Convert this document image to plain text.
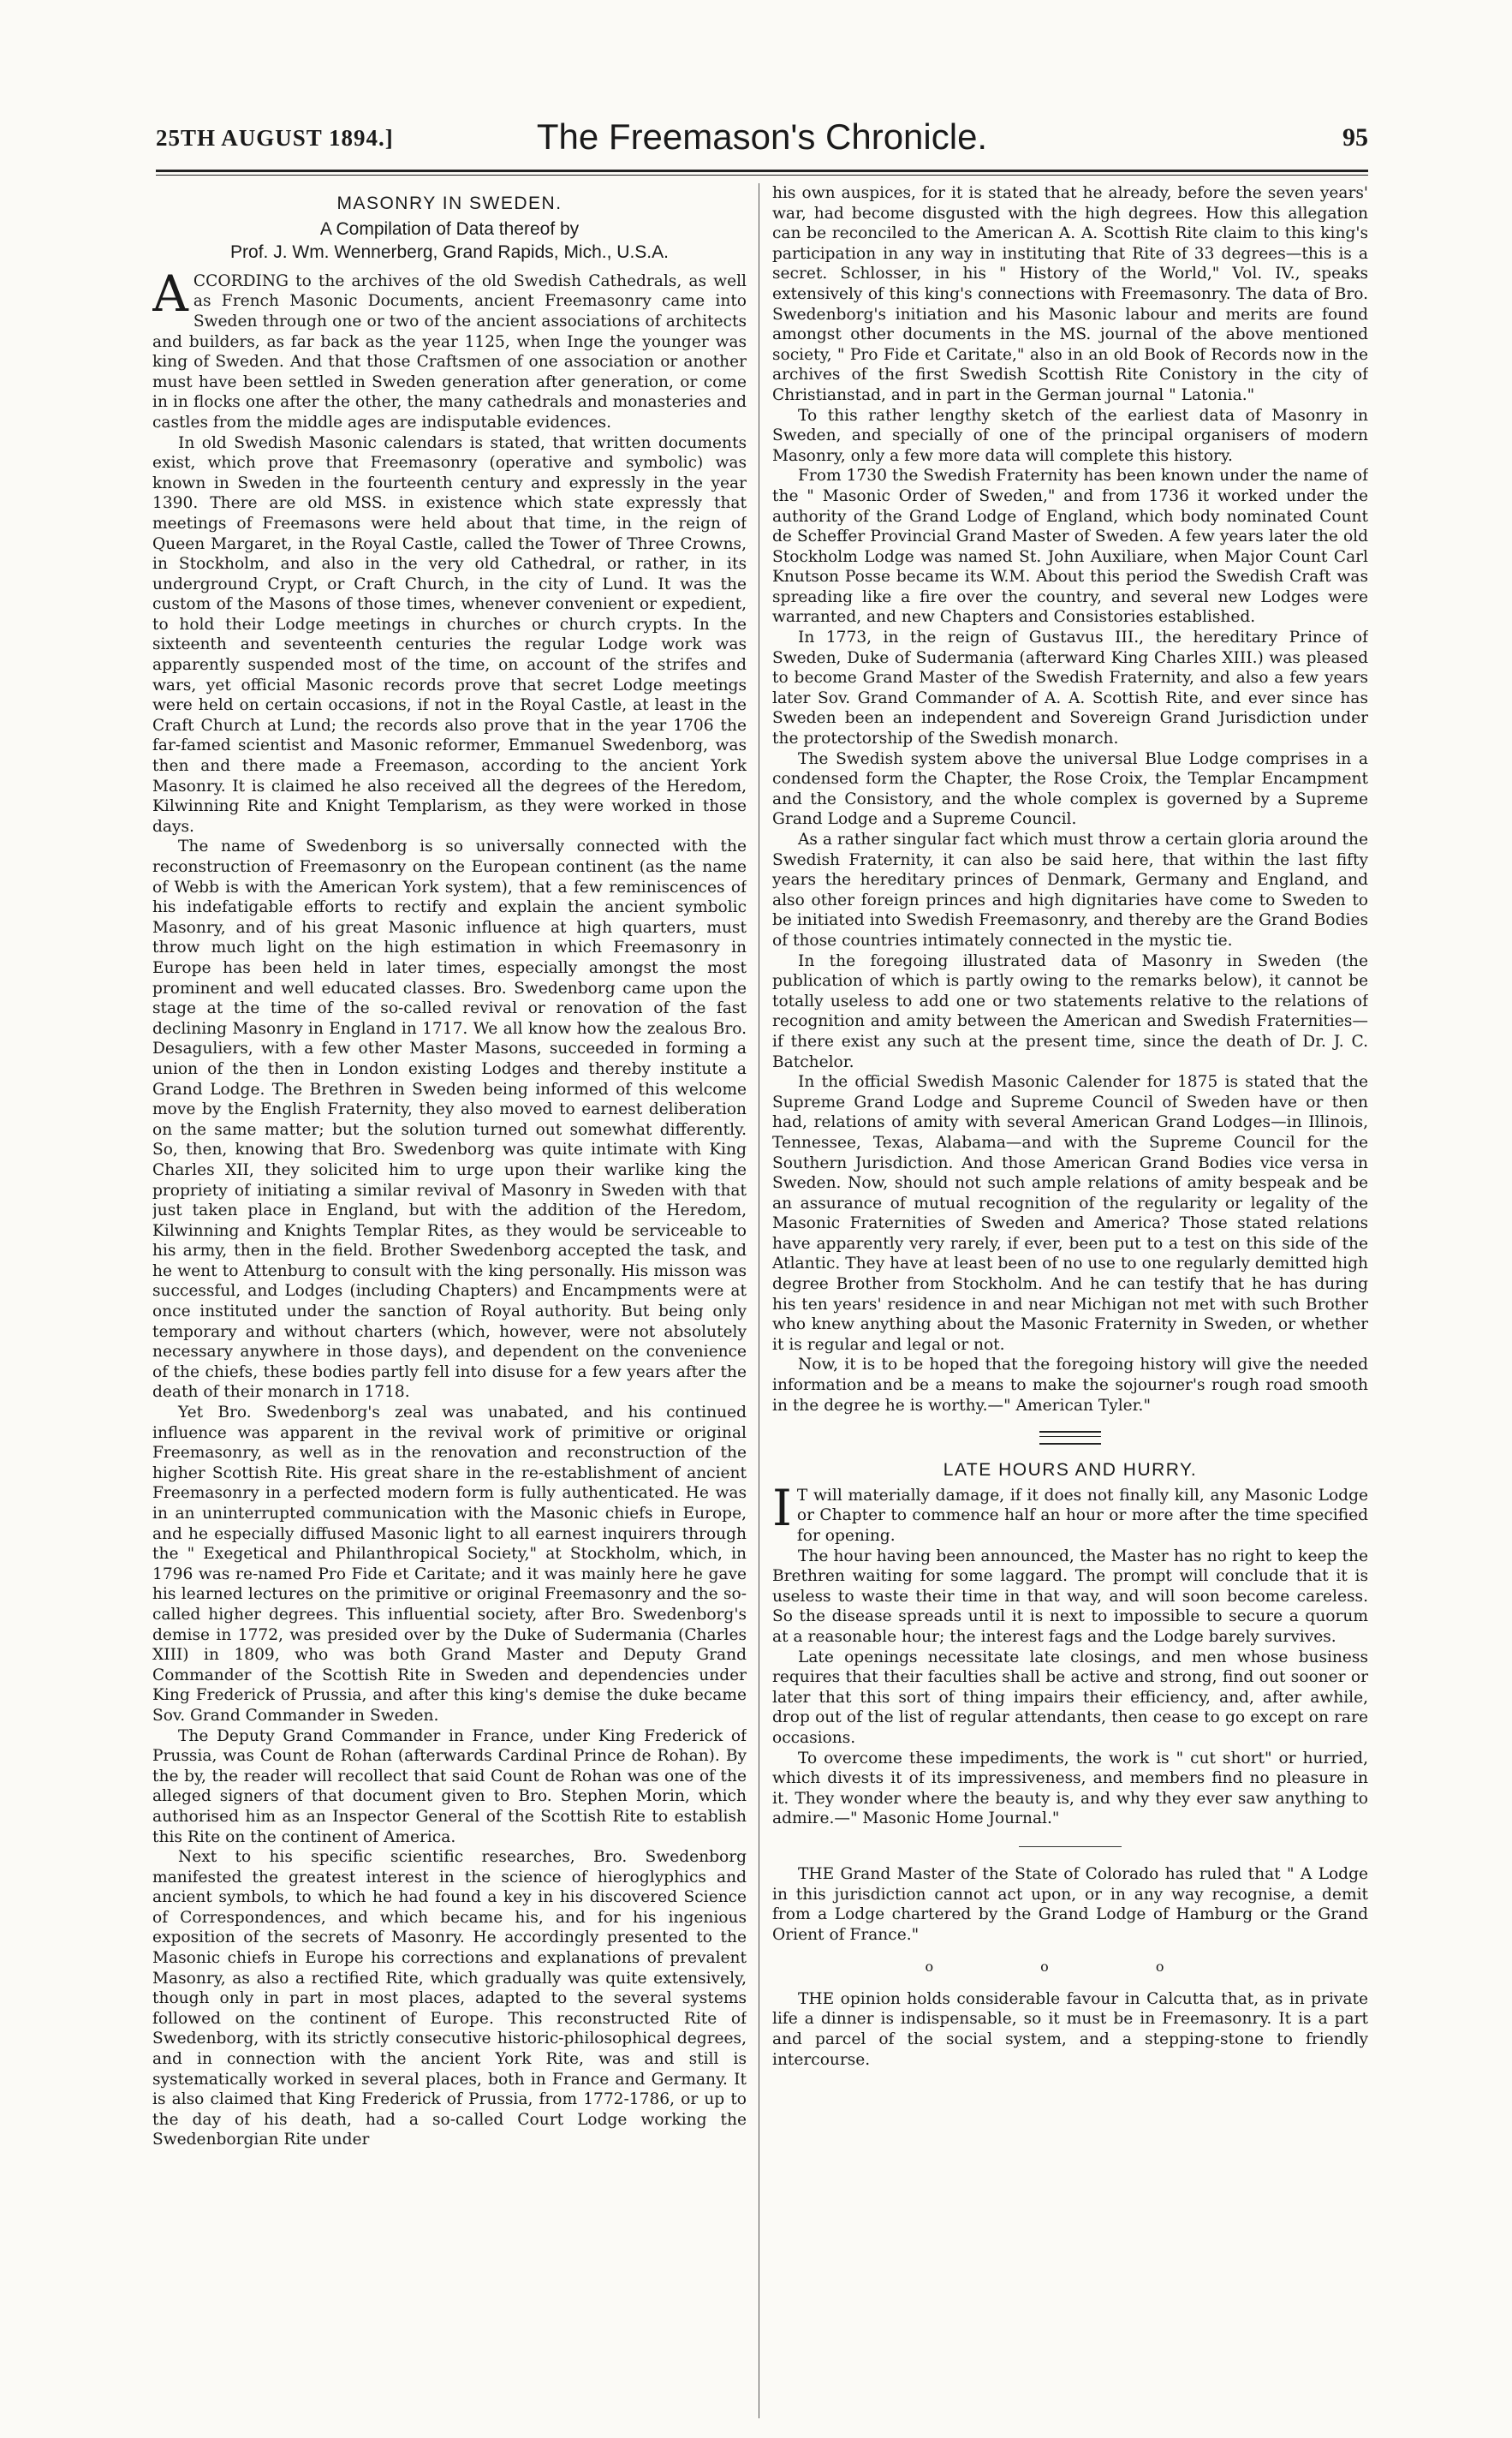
25TH AUGUST 1894.]	The Freemason's Chronicle.	95
MASONRY IN SWEDEN.
A Compilation of Data thereof by
Prof. J. Wm. Wennerberg, Grand Rapids, Mich., U.S.A.

ACCORDING to the archives of the old Swedish Cathedrals, as well as French Masonic Documents, ancient Freemasonry came into Sweden through one or two of the ancient associations of architects and builders, as far back as the year 1125, when Inge the younger was king of Sweden. And that those Craftsmen of one association or another must have been settled in Sweden generation after generation, or come in in flocks one after the other, the many cathedrals and monasteries and castles from the middle ages are indisputable evidences.

In old Swedish Masonic calendars is stated, that written documents exist, which prove that Freemasonry (operative and symbolic) was known in Sweden in the fourteenth century and expressly in the year 1390. There are old MSS. in existence which state expressly that meetings of Freemasons were held about that time, in the reign of Queen Margaret, in the Royal Castle, called the Tower of Three Crowns, in Stockholm, and also in the very old Cathedral, or rather, in its underground Crypt, or Craft Church, in the city of Lund. It was the custom of the Masons of those times, whenever convenient or expedient, to hold their Lodge meetings in churches or church crypts. In the sixteenth and seventeenth centuries the regular Lodge work was apparently suspended most of the time, on account of the strifes and wars, yet official Masonic records prove that secret Lodge meetings were held on certain occasions, if not in the Royal Castle, at least in the Craft Church at Lund; the records also prove that in the year 1706 the far-famed scientist and Masonic reformer, Emmanuel Swedenborg, was then and there made a Freemason, according to the ancient York Masonry. It is claimed he also received all the degrees of the Heredom, Kilwinning Rite and Knight Templarism, as they were worked in those days.

The name of Swedenborg is so universally connected with the reconstruction of Freemasonry on the European continent (as the name of Webb is with the American York system), that a few reminiscences of his indefatigable efforts to rectify and explain the ancient symbolic Masonry, and of his great Masonic influence at high quarters, must throw much light on the high estimation in which Freemasonry in Europe has been held in later times, especially amongst the most prominent and well educated classes. Bro. Swedenborg came upon the stage at the time of the so-called revival or renovation of the fast declining Masonry in England in 1717. We all know how the zealous Bro. Desaguliers, with a few other Master Masons, succeeded in forming a union of the then in London existing Lodges and thereby institute a Grand Lodge. The Brethren in Sweden being informed of this welcome move by the English Fraternity, they also moved to earnest deliberation on the same matter; but the solution turned out somewhat differently. So, then, knowing that Bro. Swedenborg was quite intimate with King Charles XII, they solicited him to urge upon their warlike king the propriety of initiating a similar revival of Masonry in Sweden with that just taken place in England, but with the addition of the Heredom, Kilwinning and Knights Templar Rites, as they would be serviceable to his army, then in the field. Brother Swedenborg accepted the task, and he went to Attenburg to consult with the king personally. His misson was successful, and Lodges (including Chapters) and Encampments were at once instituted under the sanction of Royal authority. But being only temporary and without charters (which, however, were not absolutely necessary anywhere in those days), and dependent on the convenience of the chiefs, these bodies partly fell into disuse for a few years after the death of their monarch in 1718.

Yet Bro. Swedenborg's zeal was unabated, and his continued influence was apparent in the revival work of primitive or original Freemasonry, as well as in the renovation and reconstruction of the higher Scottish Rite. His great share in the re-establishment of ancient Freemasonry in a perfected modern form is fully authenticated. He was in an uninterrupted communication with the Masonic chiefs in Europe, and he especially diffused Masonic light to all earnest inquirers through the " Exegetical and Philanthropical Society," at Stockholm, which, in 1796 was re-named Pro Fide et Caritate; and it was mainly here he gave his learned lectures on the primitive or original Freemasonry and the so-called higher degrees. This influential society, after Bro. Swedenborg's demise in 1772, was presided over by the Duke of Sudermania (Charles XIII) in 1809, who was both Grand Master and Deputy Grand Commander of the Scottish Rite in Sweden and dependencies under King Frederick of Prussia, and after this king's demise the duke became Sov. Grand Commander in Sweden.

The Deputy Grand Commander in France, under King Frederick of Prussia, was Count de Rohan (afterwards Cardinal Prince de Rohan). By the by, the reader will recollect that said Count de Rohan was one of the alleged signers of that document given to Bro. Stephen Morin, which authorised him as an Inspector General of the Scottish Rite to establish this Rite on the continent of America.

Next to his specific scientific researches, Bro. Swedenborg manifested the greatest interest in the science of hieroglyphics and ancient symbols, to which he had found a key in his discovered Science of Correspondences, and which became his, and for his ingenious exposition of the secrets of Masonry. He accordingly presented to the Masonic chiefs in Europe his corrections and explanations of prevalent Masonry, as also a rectified Rite, which gradually was quite extensively, though only in part in most places, adapted to the several systems followed on the continent of Europe. This reconstructed Rite of Swedenborg, with its strictly consecutive historic-philosophical degrees, and in connection with the ancient York Rite, was and still is systematically worked in several places, both in France and Germany. It is also claimed that King Frederick of Prussia, from 1772-1786, or up to the day of his death, had a so-called Court Lodge working the Swedenborgian Rite under

his own auspices, for it is stated that he already, before the seven years' war, had become disgusted with the high degrees. How this allegation can be reconciled to the American A. A. Scottish Rite claim to this king's participation in any way in instituting that Rite of 33 degrees—this is a secret. Schlosser, in his " History of the World," Vol. IV., speaks extensively of this king's connections with Freemasonry. The data of Bro. Swedenborg's initiation and his Masonic labour and merits are found amongst other documents in the MS. journal of the above mentioned society, " Pro Fide et Caritate," also in an old Book of Records now in the archives of the first Swedish Scottish Rite Conistory in the city of Christianstad, and in part in the German journal " Latonia."

To this rather lengthy sketch of the earliest data of Masonry in Sweden, and specially of one of the principal organisers of modern Masonry, only a few more data will complete this history.

From 1730 the Swedish Fraternity has been known under the name of the " Masonic Order of Sweden," and from 1736 it worked under the authority of the Grand Lodge of England, which body nominated Count de Scheffer Provincial Grand Master of Sweden. A few years later the old Stockholm Lodge was named St. John Auxiliare, when Major Count Carl Knutson Posse became its W.M. About this period the Swedish Craft was spreading like a fire over the country, and several new Lodges were warranted, and new Chapters and Consistories established.

In 1773, in the reign of Gustavus III., the hereditary Prince of Sweden, Duke of Sudermania (afterward King Charles XIII.) was pleased to become Grand Master of the Swedish Fraternity, and also a few years later Sov. Grand Commander of A. A. Scottish Rite, and ever since has Sweden been an independent and Sovereign Grand Jurisdiction under the protectorship of the Swedish monarch.

The Swedish system above the universal Blue Lodge comprises in a condensed form the Chapter, the Rose Croix, the Templar Encampment and the Consistory, and the whole complex is governed by a Supreme Grand Lodge and a Supreme Council.

As a rather singular fact which must throw a certain gloria around the Swedish Fraternity, it can also be said here, that within the last fifty years the hereditary princes of Denmark, Germany and England, and also other foreign princes and high dignitaries have come to Sweden to be initiated into Swedish Freemasonry, and thereby are the Grand Bodies of those countries intimately connected in the mystic tie.

In the foregoing illustrated data of Masonry in Sweden (the publication of which is partly owing to the remarks below), it cannot be totally useless to add one or two statements relative to the relations of recognition and amity between the American and Swedish Fraternities—if there exist any such at the present time, since the death of Dr. J. C. Batchelor.

In the official Swedish Masonic Calender for 1875 is stated that the Supreme Grand Lodge and Supreme Council of Sweden have or then had, relations of amity with several American Grand Lodges—in Illinois, Tennessee, Texas, Alabama—and with the Supreme Council for the Southern Jurisdiction. And those American Grand Bodies vice versa in Sweden. Now, should not such ample relations of amity bespeak and be an assurance of mutual recognition of the regularity or legality of the Masonic Fraternities of Sweden and America? Those stated relations have apparently very rarely, if ever, been put to a test on this side of the Atlantic. They have at least been of no use to one regularly demitted high degree Brother from Stockholm. And he can testify that he has during his ten years' residence in and near Michigan not met with such Brother who knew anything about the Masonic Fraternity in Sweden, or whether it is regular and legal or not.

Now, it is to be hoped that the foregoing history will give the needed information and be a means to make the sojourner's rough road smooth in the degree he is worthy.—" American Tyler."

LATE HOURS AND HURRY.

I T will materially damage, if it does not finally kill, any Masonic Lodge or Chapter to commence half an hour or more after the time specified for opening.

The hour having been announced, the Master has no right to keep the Brethren waiting for some laggard. The prompt will conclude that it is useless to waste their time in that way, and will soon become careless. So the disease spreads until it is next to impossible to secure a quorum at a reasonable hour; the interest fags and the Lodge barely survives.

Late openings necessitate late closings, and men whose business requires that their faculties shall be active and strong, find out sooner or later that this sort of thing impairs their efficiency, and, after awhile, drop out of the list of regular attendants, then cease to go except on rare occasions.

To overcome these impediments, the work is " cut short" or hurried, which divests it of its impressiveness, and members find no pleasure in it. They wonder where the beauty is, and why they ever saw anything to admire.—" Masonic Home Journal."

THE Grand Master of the State of Colorado has ruled that " A Lodge in this jurisdiction cannot act upon, or in any way recognise, a demit from a Lodge chartered by the Grand Lodge of Hamburg or the Grand Orient of France."

o o o

THE opinion holds considerable favour in Calcutta that, as in private life a dinner is indispensable, so it must be in Freemasonry. It is a part and parcel of the social system, and a stepping-stone to friendly intercourse.
